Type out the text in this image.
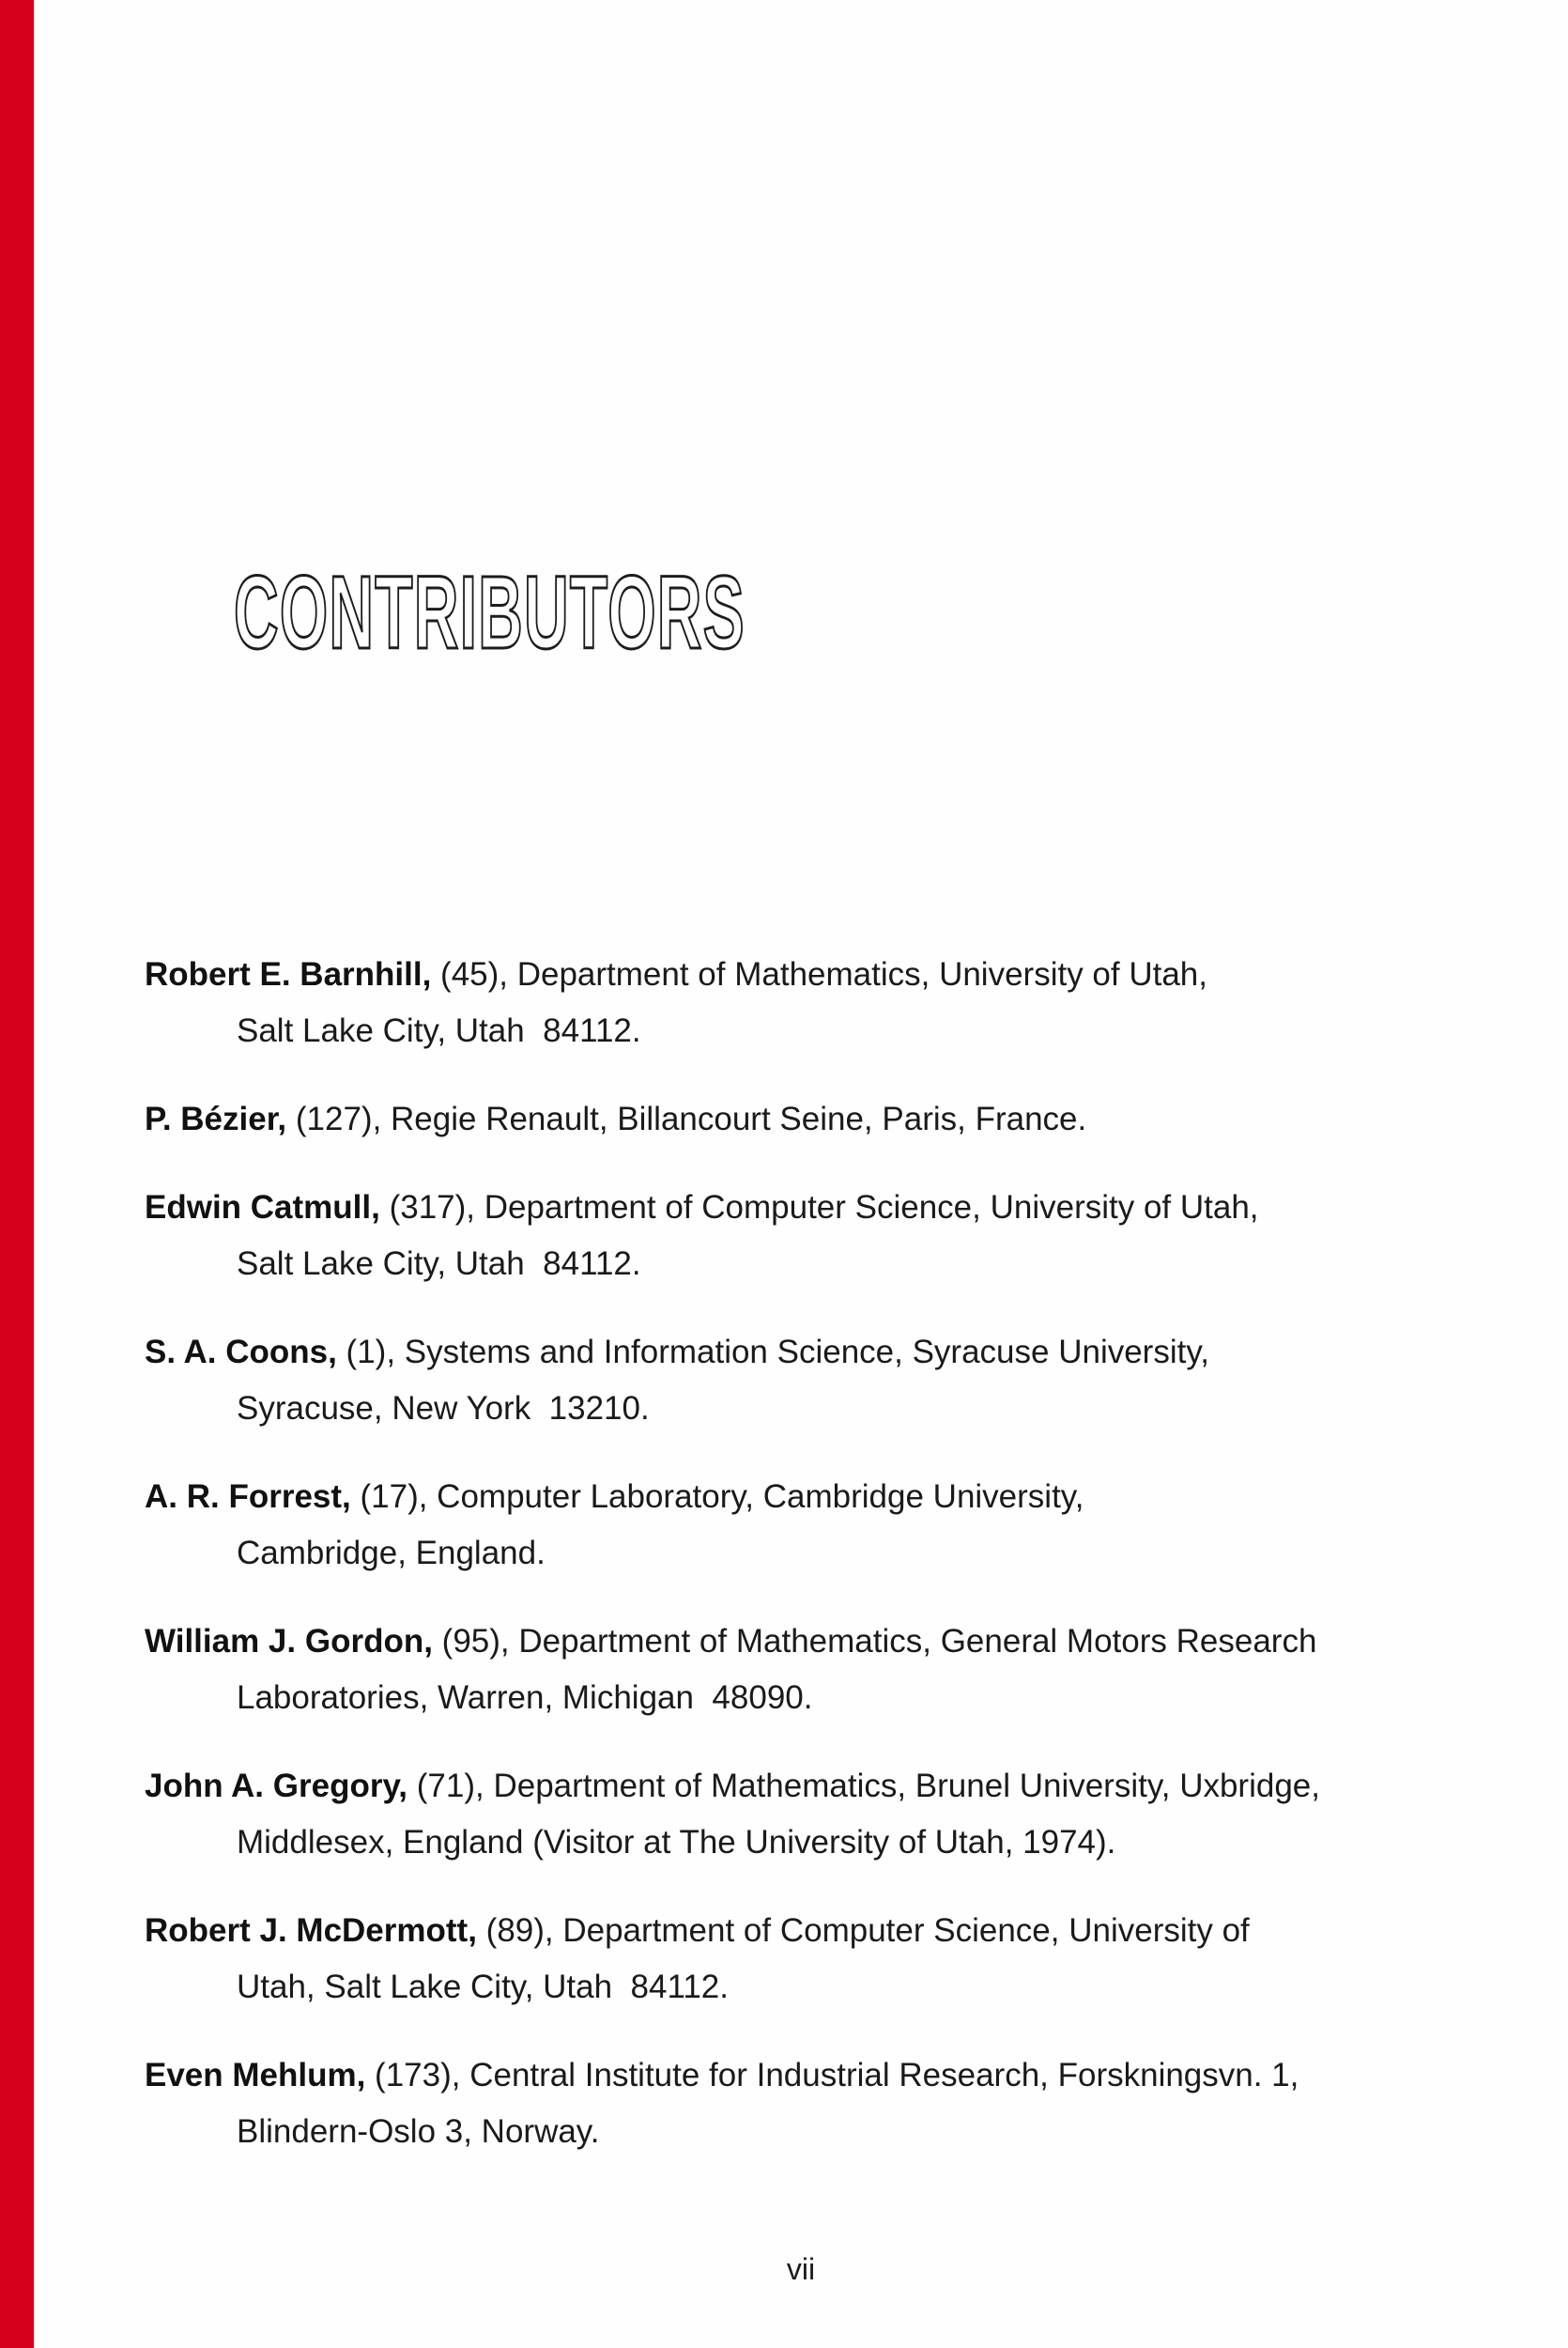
CONTRIBUTORS

Robert E. Barnhill, (45), Department of Mathematics, University of Utah,
Salt Lake City, Utah  84112.

P. Bézier, (127), Regie Renault, Billancourt Seine, Paris, France.

Edwin Catmull, (317), Department of Computer Science, University of Utah,
Salt Lake City, Utah  84112.

S. A. Coons, (1), Systems and Information Science, Syracuse University,
Syracuse, New York  13210.

A. R. Forrest, (17), Computer Laboratory, Cambridge University,
Cambridge, England.

William J. Gordon, (95), Department of Mathematics, General Motors Research
Laboratories, Warren, Michigan  48090.

John A. Gregory, (71), Department of Mathematics, Brunel University, Uxbridge,
Middlesex, England (Visitor at The University of Utah, 1974).

Robert J. McDermott, (89), Department of Computer Science, University of
Utah, Salt Lake City, Utah  84112.

Even Mehlum, (173), Central Institute for Industrial Research, Forskningsvn. 1,
Blindern-Oslo 3, Norway.

vii
